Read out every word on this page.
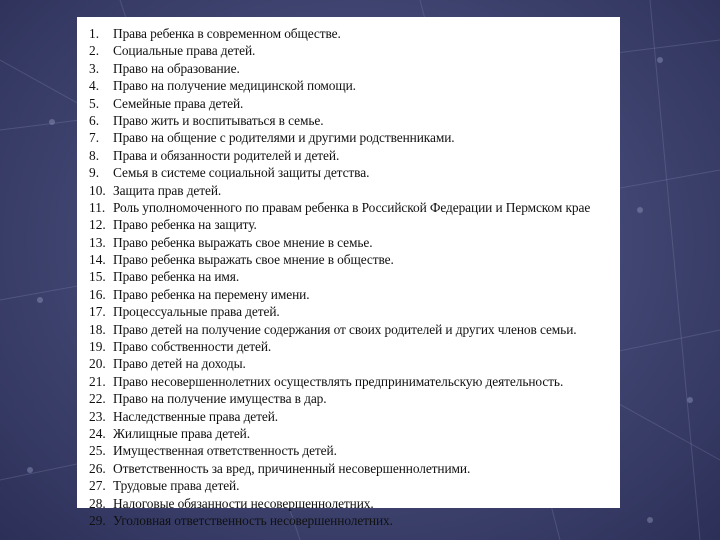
1.	Права ребенка в современном обществе.
2.	Социальные права детей.
3.	Право на образование.
4.	Право на получение медицинской помощи.
5.	Семейные права детей.
6.	Право жить и воспитываться в семье.
7.	Право на общение с родителями и другими родственниками.
8.	Права и обязанности родителей и детей.
9.	Семья в системе социальной защиты детства.
10. Защита прав детей.
11. Роль уполномоченного по правам ребенка в Российской Федерации и Пермском крае
12. Право ребенка на защиту.
13. Право ребенка выражать свое мнение в семье.
14. Право ребенка выражать свое мнение в обществе.
15. Право ребенка на имя.
16. Право ребенка на перемену имени.
17. Процессуальные права детей.
18. Право детей на получение содержания от своих родителей и других членов семьи.
19. Право собственности детей.
20. Право детей на доходы.
21. Право несовершеннолетних осуществлять предпринимательскую деятельность.
22. Право на получение имущества в дар.
23. Наследственные права детей.
24. Жилищные права детей.
25. Имущественная ответственность детей.
26. Ответственность за вред, причиненный несовершеннолетними.
27. Трудовые права детей.
28. Налоговые обязанности несовершеннолетних.
29. Уголовная ответственность несовершеннолетних.
